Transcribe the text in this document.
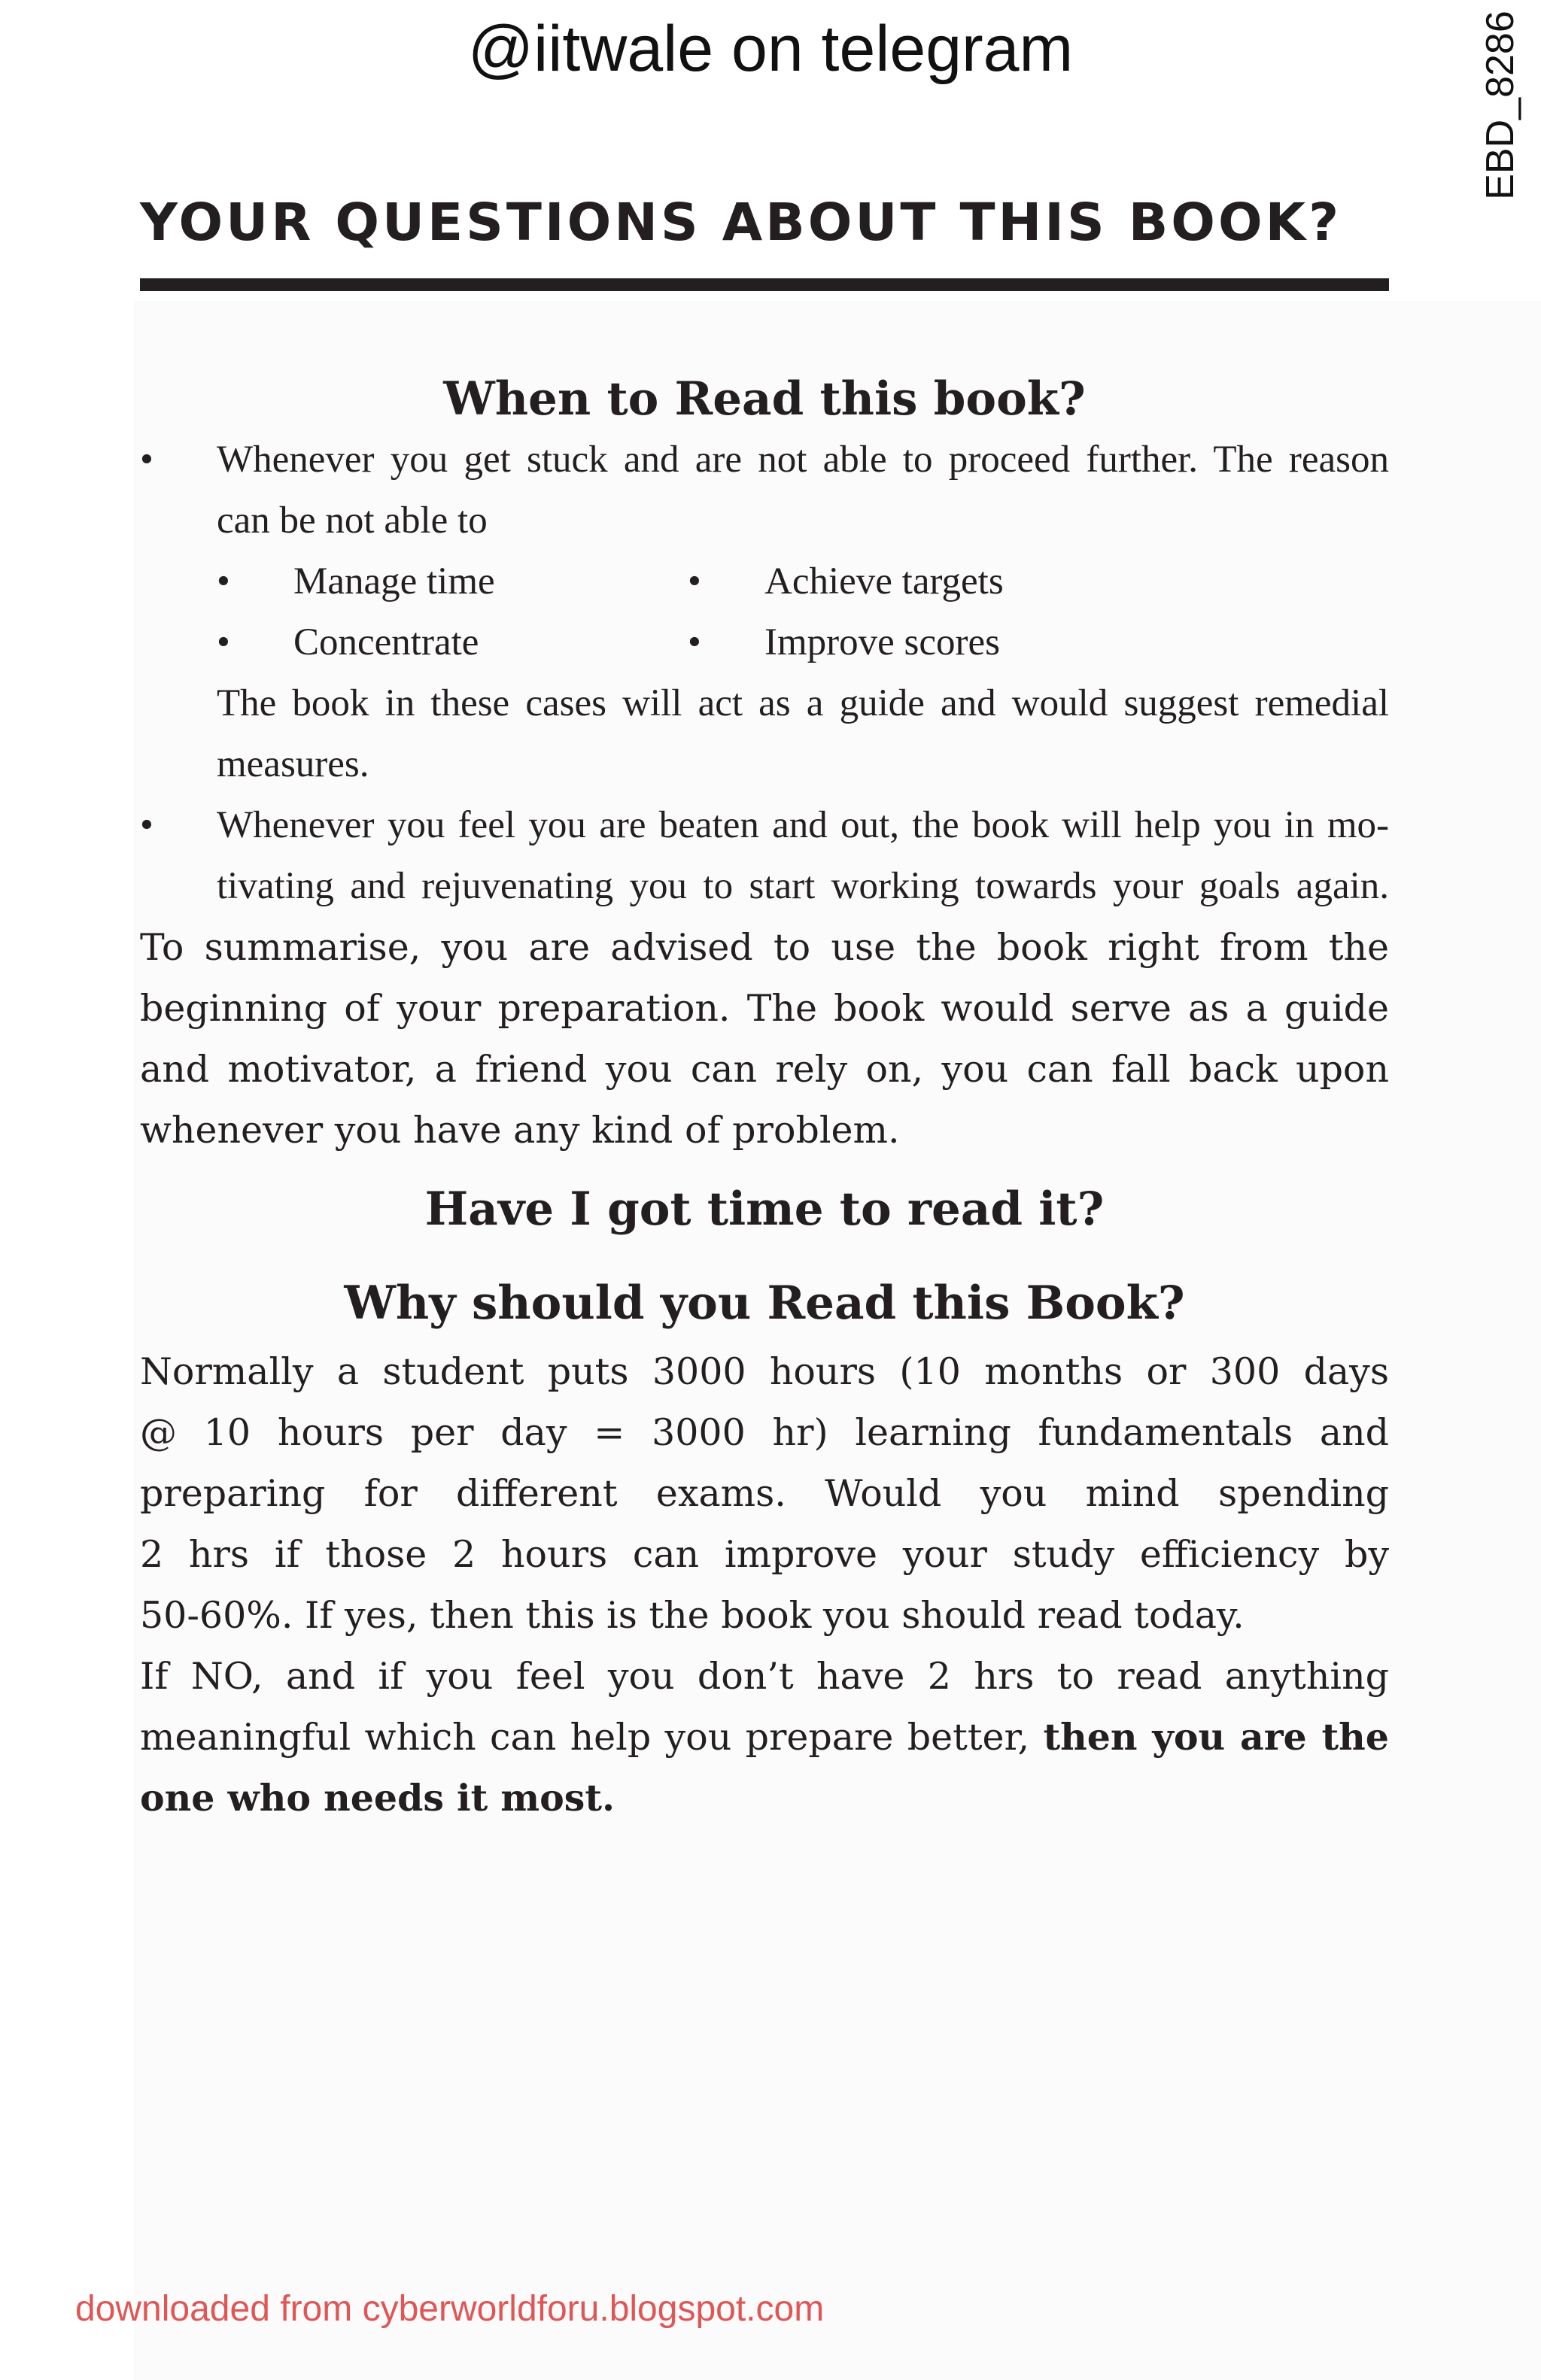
@iitwale on telegram	EBD_8286
YOUR QUESTIONS ABOUT THIS BOOK?

When to Read this book?

• Whenever you get stuck and are not able to proceed further. The reason
can be not able to
• Manage time	• Achieve targets
• Concentrate	• Improve scores
The book in these cases will act as a guide and would suggest remedial
measures.
• Whenever you feel you are beaten and out, the book will help you in mo-
tivating and rejuvenating you to start working towards your goals again.
To summarise, you are advised to use the book right from the
beginning of your preparation. The book would serve as a guide
and motivator, a friend you can rely on, you can fall back upon
whenever you have any kind of problem.

Have I got time to read it?

Why should you Read this Book?

Normally a student puts 3000 hours (10 months or 300 days
@ 10 hours per day = 3000 hr) learning fundamentals and
preparing for different exams. Would you mind spending
2 hrs if those 2 hours can improve your study efficiency by
50-60%. If yes, then this is the book you should read today.
If NO, and if you feel you don’t have 2 hrs to read anything
meaningful which can help you prepare better, then you are the
one who needs it most.
downloaded from cyberworldforu.blogspot.com
